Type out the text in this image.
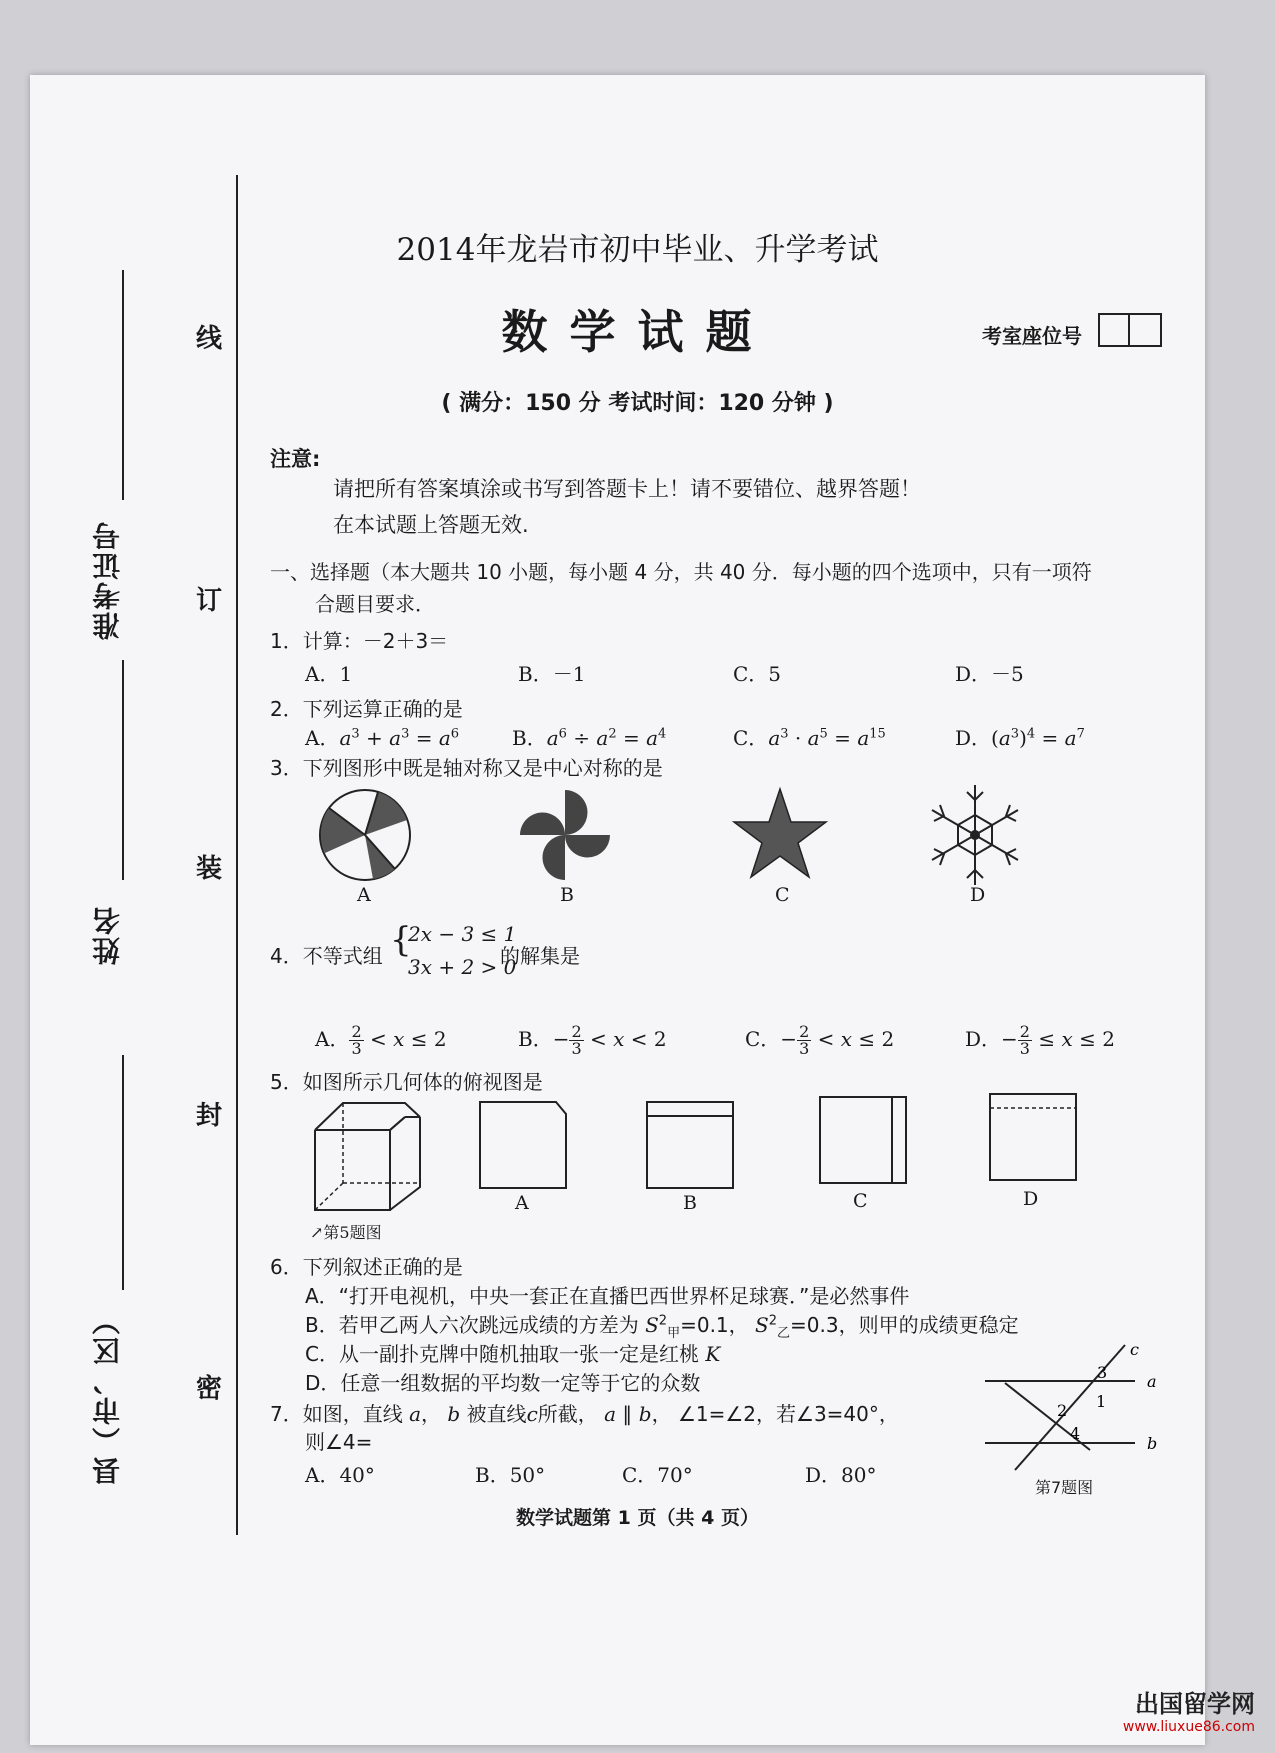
线
订
装
封
密
准考证号
姓名
县（市、区）
2014年龙岩市初中毕业、升学考试
数学试题	考室座位号
( 满分：150 分 考试时间：120 分钟 )
注意:
请把所有答案填涂或书写到答题卡上！请不要错位、越界答题！
在本试题上答题无效.
一、选择题（本大题共 10 小题，每小题 4 分，共 40 分．每小题的四个选项中，只有一项符
合题目要求．
1．计算：－2＋3＝
A．1	B．－1	C．5	D．－5
2．下列运算正确的是
A．$a^3 + a^3 = a^6$	B．$a^6 \div a^2 = a^4$	C．$a^3 \cdot a^5 = a^{15}$	D．$(a^3)^4 = a^7$
3．下列图形中既是轴对称又是中心对称的是
A	B	C	D
4．不等式组 {
2x − 3 ≤ 1
3x + 2 > 0
的解集是
A．$\frac{2}{3} < x \le 2$	B．$-\frac{2}{3} < x < 2$	C．$-\frac{2}{3} < x \le 2$	D．$-\frac{2}{3} \le x \le 2$
5．如图所示几何体的俯视图是
↗第5题图
A	B	C	D
6．下列叙述正确的是
A．“打开电视机，中央一套正在直播巴西世界杯足球赛．”是必然事件
B．若甲乙两人六次跳远成绩的方差为 $S^2_甲=0.1$， $S^2_乙=0.3$，则甲的成绩更稳定
C．从一副扑克牌中随机抽取一张一定是红桃 K
D．任意一组数据的平均数一定等于它的众数
7．如图，直线 a， b 被直线c所截， a ∥ b， ∠1=∠2，若∠3=40°，
则∠4=
A．40°	B．50°	C．70°	D．80°
c
a
b
1
2
3
4
第7题图
数学试题第 1 页（共 4 页）
出国留学网
www.liuxue86.com
